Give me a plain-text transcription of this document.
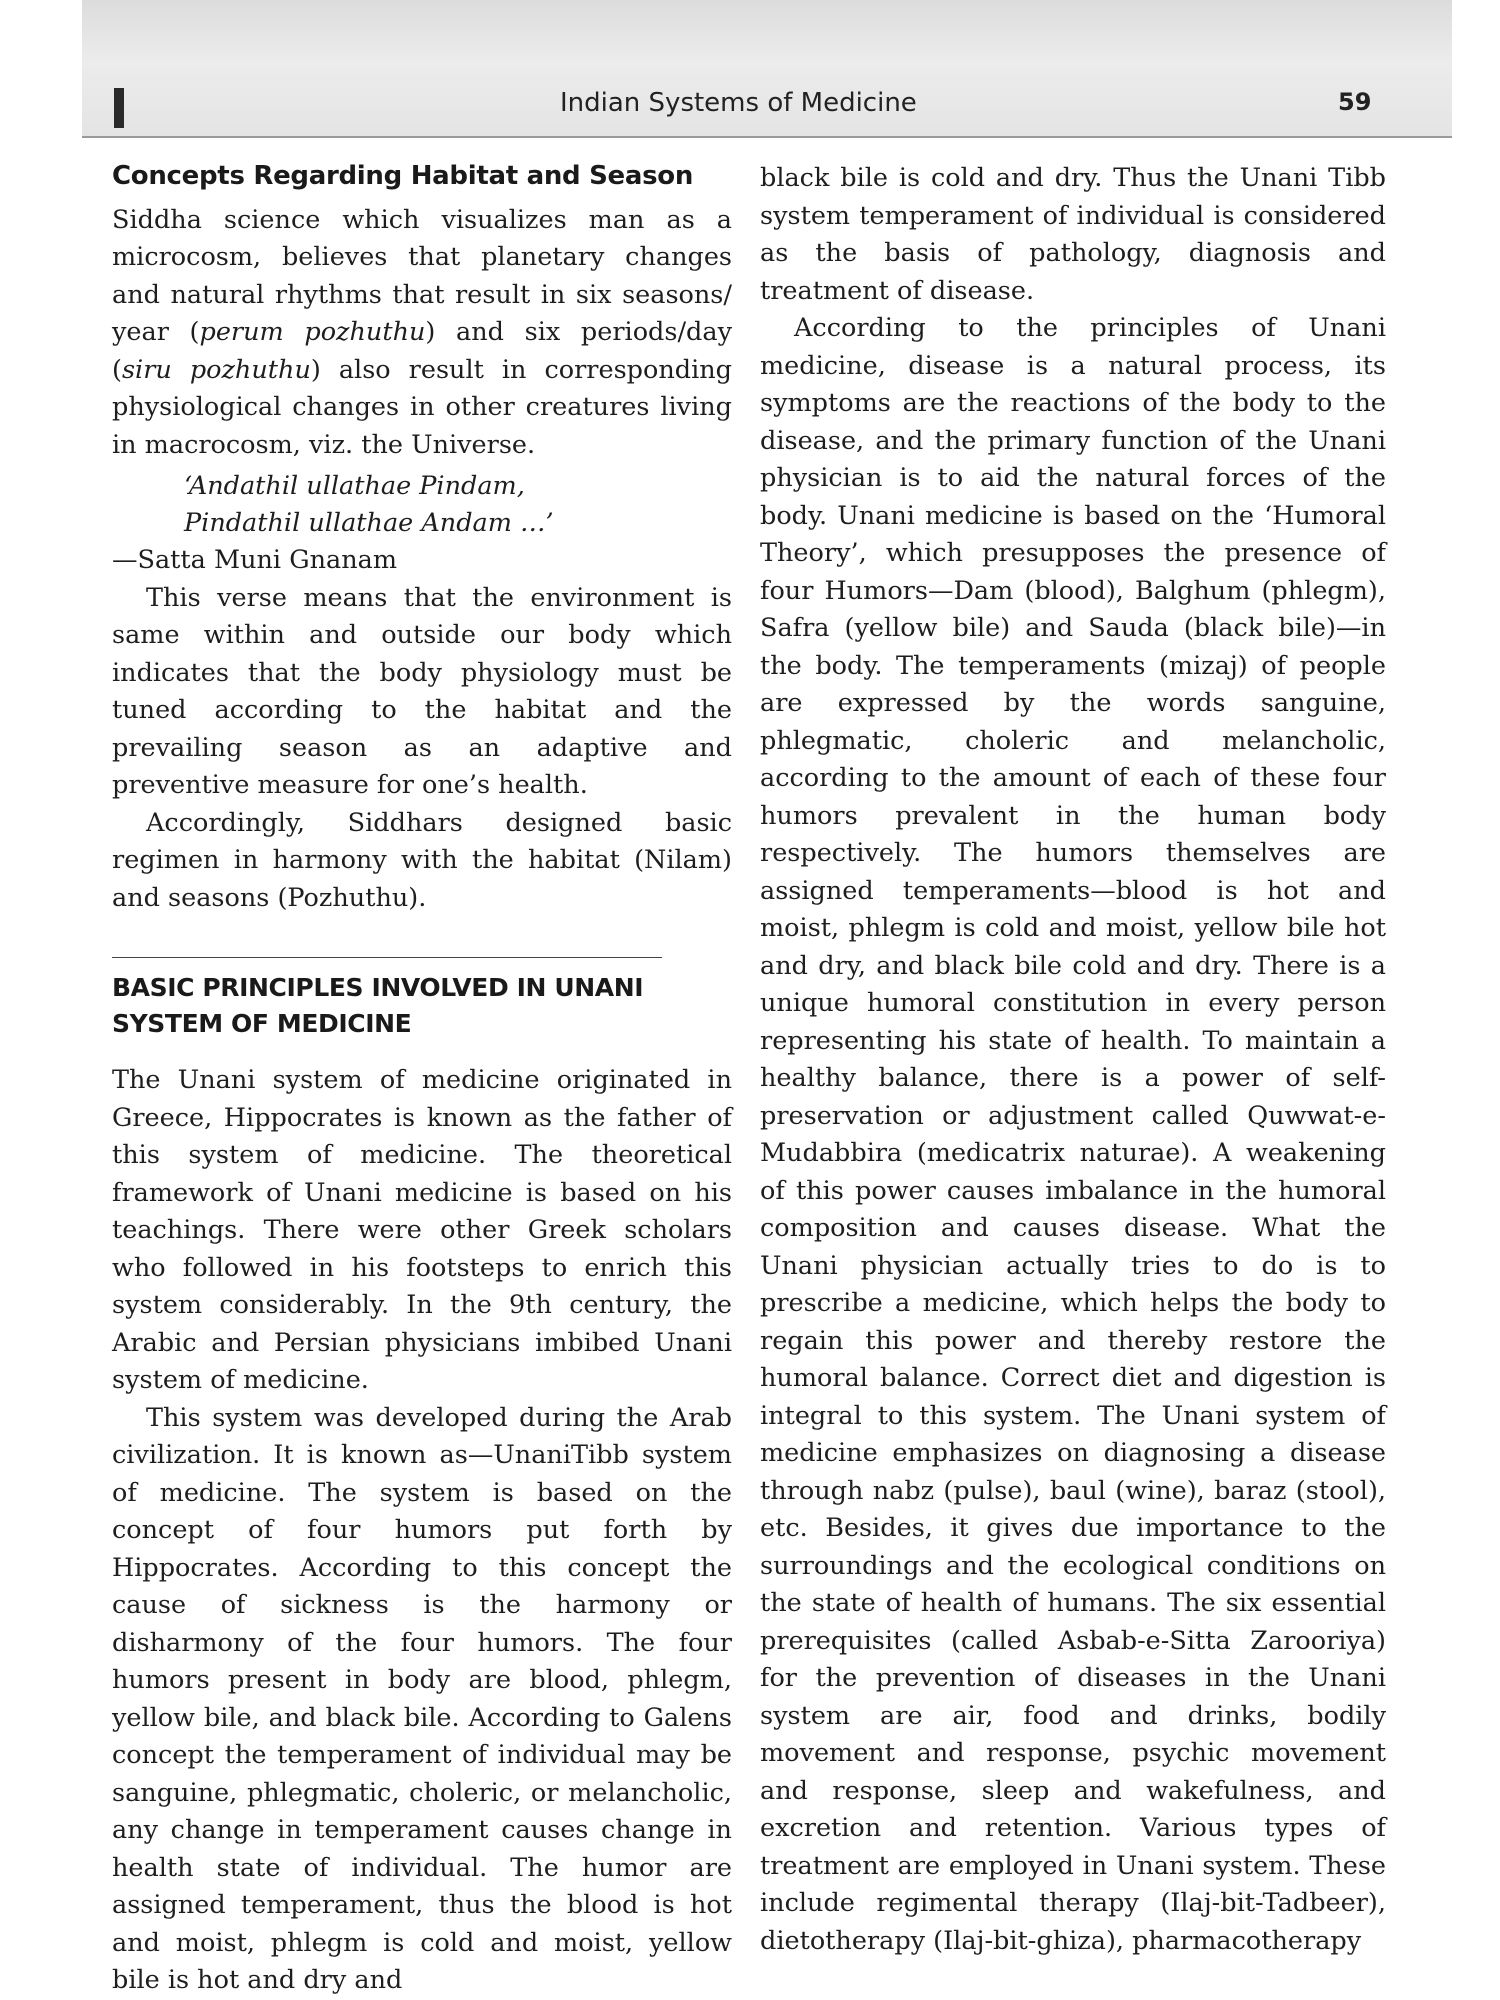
Indian Systems of Medicine	59
Concepts Regarding Habitat and Season

Siddha science which visualizes man as a microcosm, believes that planetary changes and natural rhythms that result in six seasons/ year (perum pozhuthu) and six periods/day (siru pozhuthu) also result in corresponding physiological changes in other creatures living in macrocosm, viz. the Universe.

‘Andathil ullathae Pindam,
Pindathil ullathae Andam …’

—Satta Muni Gnanam

This verse means that the environment is same within and outside our body which indicates that the body physiology must be tuned according to the habitat and the prevailing season as an adaptive and preventive measure for one’s health.

Accordingly, Siddhars designed basic regimen in harmony with the habitat (Nilam) and seasons (Pozhuthu).

BASIC PRINCIPLES INVOLVED IN UNANI
SYSTEM OF MEDICINE

The Unani system of medicine originated in Greece, Hippocrates is known as the father of this system of medicine. The theoretical framework of Unani medicine is based on his teachings. There were other Greek scholars who followed in his footsteps to enrich this system considerably. In the 9th century, the Arabic and Persian physicians imbibed Unani system of medicine.

This system was developed during the Arab civilization. It is known as—UnaniTibb system of medicine. The system is based on the concept of four humors put forth by Hippocrates. According to this concept the cause of sickness is the harmony or disharmony of the four humors. The four humors present in body are blood, phlegm, yellow bile, and black bile. According to Galens concept the temperament of individual may be sanguine, phlegmatic, choleric, or melancholic, any change in temperament causes change in health state of individual. The humor are assigned temperament, thus the blood is hot and moist, phlegm is cold and moist, yellow bile is hot and dry and

black bile is cold and dry. Thus the Unani Tibb system temperament of individual is considered as the basis of pathology, diagnosis and treatment of disease.

According to the principles of Unani medicine, disease is a natural process, its symptoms are the reactions of the body to the disease, and the primary function of the Unani physician is to aid the natural forces of the body. Unani medicine is based on the ‘Humoral Theory’, which presupposes the presence of four Humors—Dam (blood), Balghum (phlegm), Safra (yellow bile) and Sauda (black bile)—in the body. The temperaments (mizaj) of people are expressed by the words sanguine, phlegmatic, choleric and melancholic, according to the amount of each of these four humors prevalent in the human body respectively. The humors themselves are assigned temperaments—blood is hot and moist, phlegm is cold and moist, yellow bile hot and dry, and black bile cold and dry. There is a unique humoral constitution in every person representing his state of health. To maintain a healthy balance, there is a power of self-preservation or adjustment called Quwwat-e-Mudabbira (medicatrix naturae). A weakening of this power causes imbalance in the humoral composition and causes disease. What the Unani physician actually tries to do is to prescribe a medicine, which helps the body to regain this power and thereby restore the humoral balance. Correct diet and digestion is integral to this system. The Unani system of medicine emphasizes on diagnosing a disease through nabz (pulse), baul (wine), baraz (stool), etc. Besides, it gives due importance to the surroundings and the ecological conditions on the state of health of humans. The six essential prerequisites (called Asbab-e-Sitta Zarooriya) for the prevention of diseases in the Unani system are air, food and drinks, bodily movement and response, psychic movement and response, sleep and wakefulness, and excretion and retention. Various types of treatment are employed in Unani system. These include regimental therapy (Ilaj-bit-Tadbeer), dietotherapy (Ilaj-bit-ghiza), pharmacotherapy
